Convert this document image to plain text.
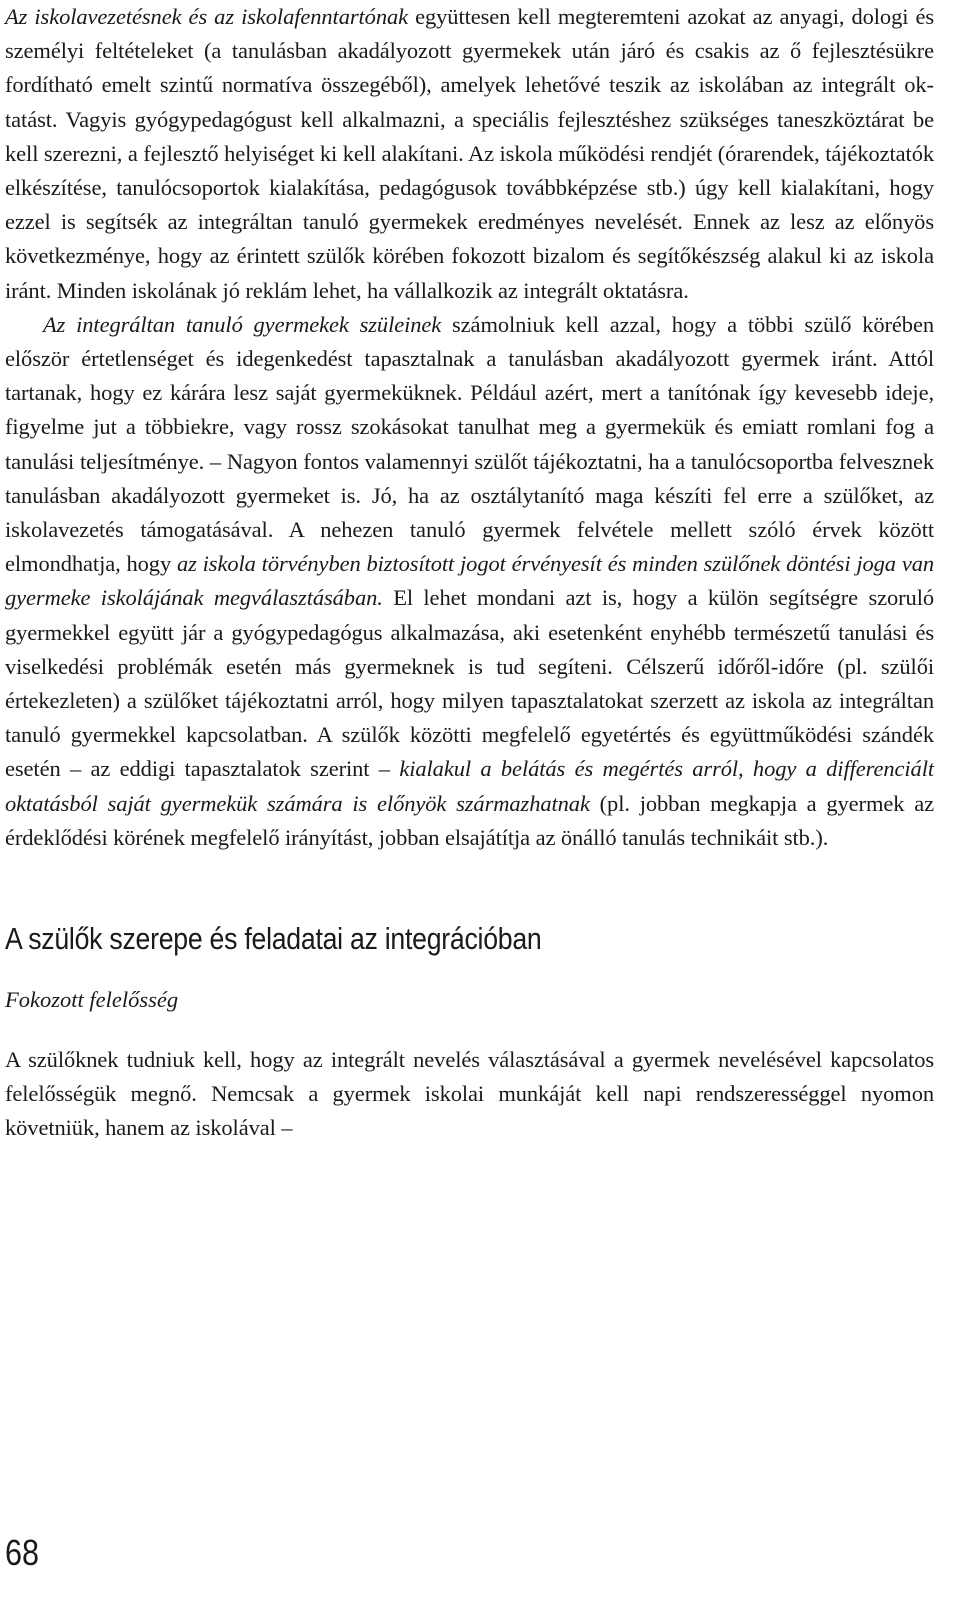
Az iskolavezetésnek és az iskolafenntartónak együttesen kell megteremteni azokat az anyagi, dologi és személyi feltételeket (a tanulásban akadályozott gyermekek után járó és csakis az ő fejlesztésükre fordítható emelt szintű normatíva összegéből), amelyek lehetővé teszik az iskolában az integrált oktatást. Vagyis gyógypedagógust kell alkalmazni, a speciális fejlesztéshez szükséges taneszköztárat be kell szerezni, a fejlesztő helyiséget ki kell alakítani. Az iskola működési rendjét (órarendek, tájékoztatók elkészítése, tanulócsoportok kialakítása, pedagógusok továbbképzése stb.) úgy kell kialakítani, hogy ezzel is segítsék az integráltan tanuló gyermekek eredményes nevelését. Ennek az lesz az előnyös következménye, hogy az érintett szülők körében fokozott bizalom és segítőkészség alakul ki az iskola iránt. Minden iskolának jó reklám lehet, ha vállalkozik az integrált oktatásra.

Az integráltan tanuló gyermekek szüleinek számolniuk kell azzal, hogy a többi szülő körében először értetlenséget és idegenkedést tapasztalnak a tanulásban akadályozott gyermek iránt. Attól tartanak, hogy ez kárára lesz saját gyermeküknek. Például azért, mert a tanítónak így kevesebb ideje, figyelme jut a többiekre, vagy rossz szokásokat tanulhat meg a gyermekük és emiatt romlani fog a tanulási teljesítménye. – Nagyon fontos valamennyi szülőt tájékoztatni, ha a tanulócsoportba felvesznek tanulásban akadályozott gyermeket is. Jó, ha az osztálytanító maga készíti fel erre a szülőket, az iskolavezetés támogatásával. A nehezen tanuló gyermek felvétele mellett szóló érvek között elmondhatja, hogy az iskola törvényben biztosított jogot érvényesít és minden szülőnek döntési joga van gyermeke iskolájának megválasztásában. El lehet mondani azt is, hogy a külön segítségre szoruló gyermekkel együtt jár a gyógypedagógus alkalmazása, aki esetenként enyhébb természetű tanulási és viselkedési problémák esetén más gyermeknek is tud segíteni. Célszerű időről-időre (pl. szülői értekezleten) a szülőket tájékoztatni arról, hogy milyen tapasztalatokat szerzett az iskola az integráltan tanuló gyermekkel kapcsolatban. A szülők közötti megfelelő egyetértés és együttműködési szándék esetén – az eddigi tapasztalatok szerint – kialakul a belátás és megértés arról, hogy a differenciált oktatásból saját gyermekük számára is előnyök származhatnak (pl. jobban megkapja a gyermek az érdeklődési körének megfelelő irányítást, jobban elsajátítja az önálló tanulás technikáit stb.).

A szülők szerepe és feladatai az integrációban
Fokozott felelősség

A szülőknek tudniuk kell, hogy az integrált nevelés választásával a gyermek nevelésével kapcsolatos felelősségük megnő. Nemcsak a gyermek iskolai munkáját kell napi rendszerességgel nyomon követniük, hanem az iskolával –

68
